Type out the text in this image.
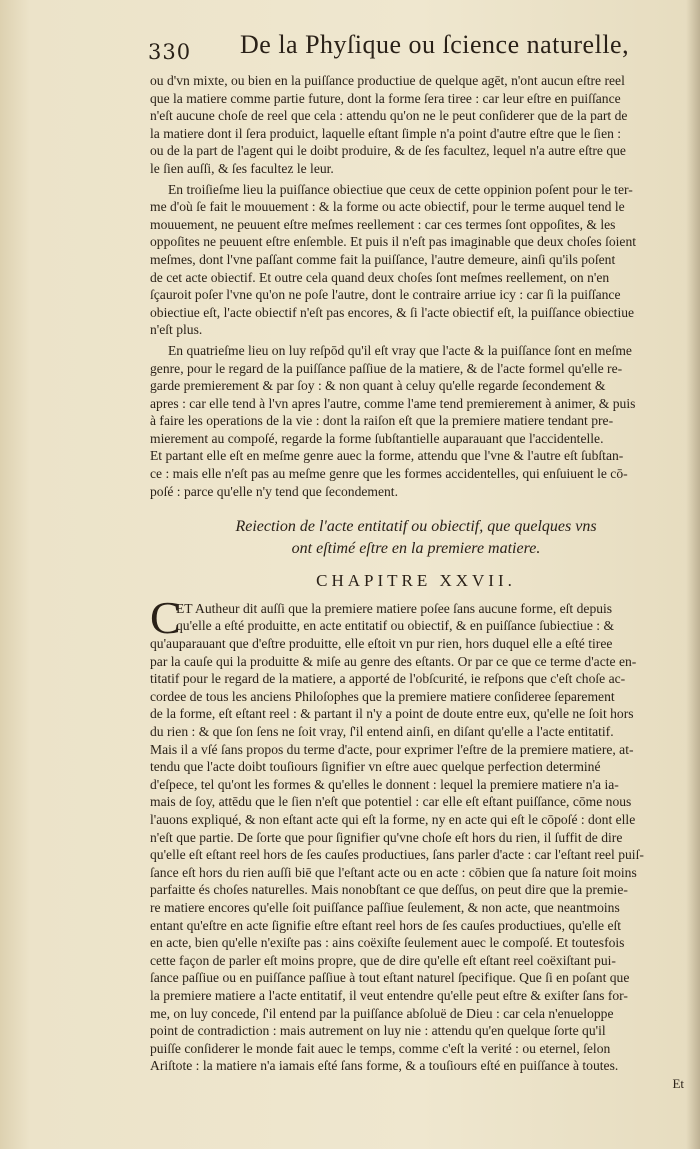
330 De la Phyſique ou ſcience naturelle,
ou d'vn mixte, ou bien en la puiſſance productiue de quelque agēt, n'ont aucun eſtre reel
que la matiere comme partie future, dont la forme ſera tiree : car leur eſtre en puiſſance
n'eſt aucune choſe de reel que cela : attendu qu'on ne le peut conſiderer que de la part de
la matiere dont il ſera produict, laquelle eſtant ſimple n'a point d'autre eſtre que le ſien :
ou de la part de l'agent qui le doibt produire, & de ſes facultez, lequel n'a autre eſtre que
le ſien auſſi, & ſes facultez le leur.
En troiſieſme lieu la puiſſance obiectiue que ceux de cette oppinion poſent pour le ter-
me d'où ſe fait le mouuement : & la forme ou acte obiectif, pour le terme auquel tend le
mouuement, ne peuuent eſtre meſmes reellement : car ces termes ſont oppoſites, & les
oppoſites ne peuuent eſtre enſemble. Et puis il n'eſt pas imaginable que deux choſes ſoient
meſmes, dont l'vne paſſant comme fait la puiſſance, l'autre demeure, ainſi qu'ils poſent
de cet acte obiectif. Et outre cela quand deux choſes ſont meſmes reellement, on n'en
ſçauroit poſer l'vne qu'on ne poſe l'autre, dont le contraire arriue icy : car ſi la puiſſance
obiectiue eſt, l'acte obiectif n'eſt pas encores, & ſi l'acte obiectif eſt, la puiſſance obiectiue
n'eſt plus.
En quatrieſme lieu on luy reſpōd qu'il eſt vray que l'acte & la puiſſance ſont en meſme
genre, pour le regard de la puiſſance paſſiue de la matiere, & de l'acte formel qu'elle re-
garde premierement & par ſoy : & non quant à celuy qu'elle regarde ſecondement &
apres : car elle tend à l'vn apres l'autre, comme l'ame tend premierement à animer, & puis
à faire les operations de la vie : dont la raiſon eſt que la premiere matiere tendant pre-
mierement au compoſé, regarde la forme ſubſtantielle auparauant que l'accidentelle.
Et partant elle eſt en meſme genre auec la forme, attendu que l'vne & l'autre eſt ſubſtan-
ce : mais elle n'eſt pas au meſme genre que les formes accidentelles, qui enſuiuent le cō-
poſé : parce qu'elle n'y tend que ſecondement.
Reiection de l'acte entitatif ou obiectif, que quelques vns
ont eſtimé eſtre en la premiere matiere.
CHAPITRE XXVII.
C
ET Autheur dit auſſi que la premiere matiere poſee ſans aucune forme, eſt depuis
qu'elle a eſté produitte, en acte entitatif ou obiectif, & en puiſſance ſubiectiue : &
qu'auparauant que d'eſtre produitte, elle eſtoit vn pur rien, hors duquel elle a eſté tiree
par la cauſe qui la produitte & miſe au genre des eſtants. Or par ce que ce terme d'acte en-
titatif pour le regard de la matiere, a apporté de l'obſcurité, ie reſpons que c'eſt choſe ac-
cordee de tous les anciens Philoſophes que la premiere matiere conſideree ſeparement
de la forme, eſt eſtant reel : & partant il n'y a point de doute entre eux, qu'elle ne ſoit hors
du rien : & que ſon ſens ne ſoit vray, ſ'il entend ainſi, en diſant qu'elle a l'acte entitatif.
Mais il a vſé ſans propos du terme d'acte, pour exprimer l'eſtre de la premiere matiere, at-
tendu que l'acte doibt touſiours ſignifier vn eſtre auec quelque perfection determiné
d'eſpece, tel qu'ont les formes & qu'elles le donnent : lequel la premiere matiere n'a ia-
mais de ſoy, attēdu que le ſien n'eſt que potentiel : car elle eſt eſtant puiſſance, cōme nous
l'auons expliqué, & non eſtant acte qui eſt la forme, ny en acte qui eſt le cōpoſé : dont elle
n'eſt que partie. De ſorte que pour ſignifier qu'vne choſe eſt hors du rien, il ſuffit de dire
qu'elle eſt eſtant reel hors de ſes cauſes productiues, ſans parler d'acte : car l'eſtant reel puiſ-
ſance eſt hors du rien auſſi biē que l'eſtant acte ou en acte : cōbien que ſa nature ſoit moins
parfaitte és choſes naturelles. Mais nonobſtant ce que deſſus, on peut dire que la premie-
re matiere encores qu'elle ſoit puiſſance paſſiue ſeulement, & non acte, que neantmoins
entant qu'eſtre en acte ſignifie eſtre eſtant reel hors de ſes cauſes productiues, qu'elle eſt
en acte, bien qu'elle n'exiſte pas : ains coëxiſte ſeulement auec le compoſé. Et toutesfois
cette façon de parler eſt moins propre, que de dire qu'elle eſt eſtant reel coëxiſtant pui-
ſance paſſiue ou en puiſſance paſſiue à tout eſtant naturel ſpecifique. Que ſi en poſant que
la premiere matiere a l'acte entitatif, il veut entendre qu'elle peut eſtre & exiſter ſans for-
me, on luy concede, ſ'il entend par la puiſſance abſoluë de Dieu : car cela n'enueloppe
point de contradiction : mais autrement on luy nie : attendu qu'en quelque ſorte qu'il
puiſſe conſiderer le monde fait auec le temps, comme c'eſt la verité : ou eternel, ſelon
Ariſtote : la matiere n'a iamais eſté ſans forme, & a touſiours eſté en puiſſance à toutes.
Et
